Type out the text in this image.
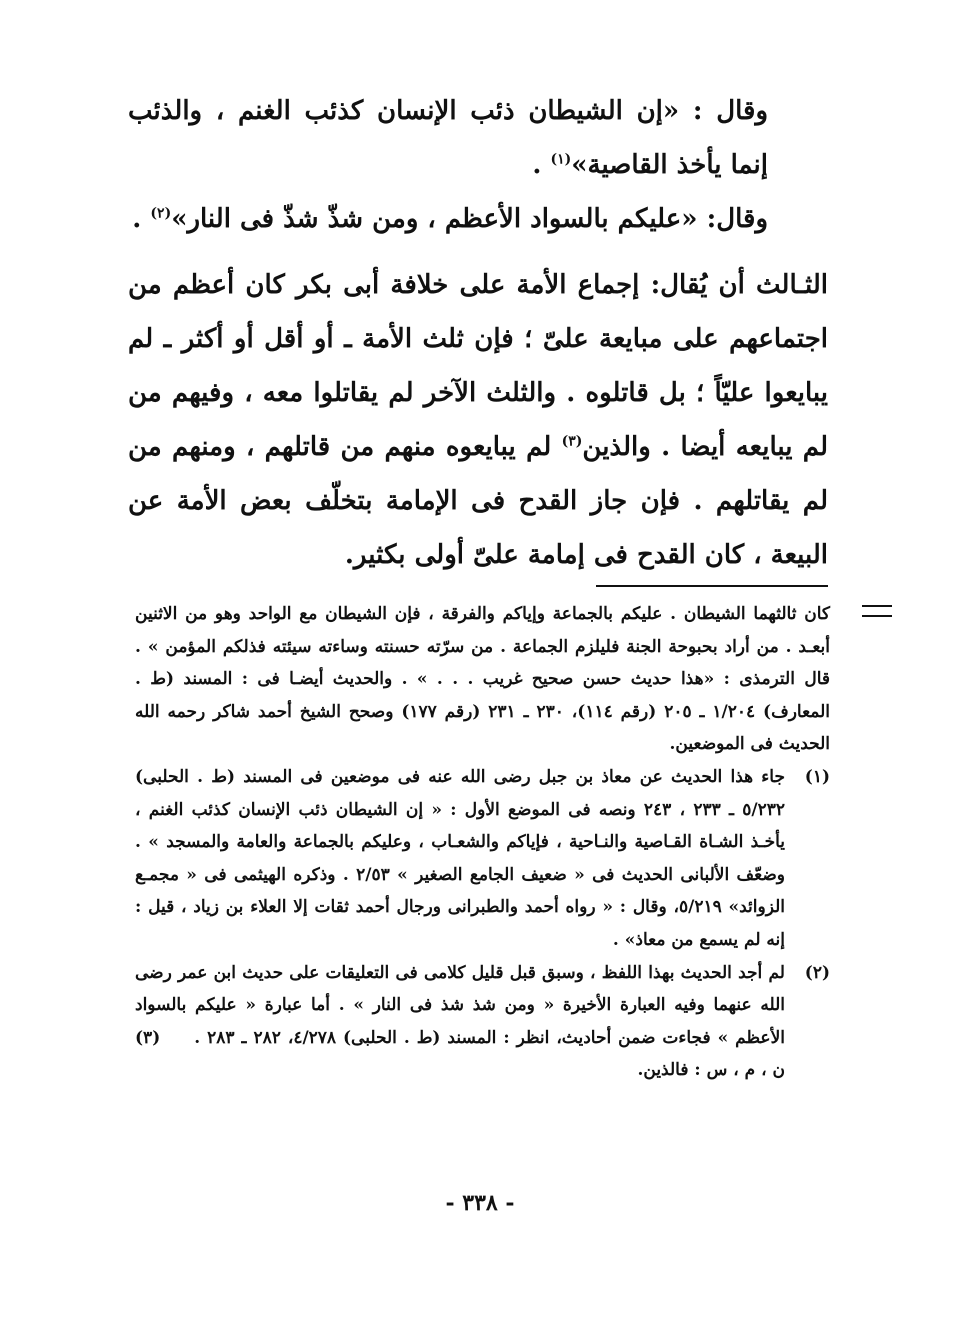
وقال : «إن الشيطان ذئب الإنسان كذئب الغنم ، والذئب إنما يأخذ القاصية»$^{(١)}$ .

وقال: «عليكم بالسواد الأعظم ، ومن شذّ شذّ فى النار»$^{(٢)}$ .

الثـالث أن يُقال: إجماع الأمة على خلافة أبى بكر كان أعظم من اجتماعهم على مبايعة علىّ ؛ فإن ثلث الأمة ـ أو أقل أو أكثر ـ لم يبايعوا عليّاً ؛ بل قاتلوه . والثلث الآخر لم يقاتلوا معه ، وفيهم من لم يبايعه أيضا . والذين$^{(٣)}$ لم يبايعوه منهم من قاتلهم ، ومنهم من لم يقاتلهم . فإن جاز القدح فى الإمامة بتخلّف بعض الأمة عن البيعة ، كان القدح فى إمامة علىّ أولى بكثير.

كان ثالثهما الشيطان . عليكم بالجماعة وإياكم والفرقة ، فإن الشيطان مع الواحد وهو من الاثنين أبعـد . من أراد بحبوحة الجنة فليلزم الجماعة . من سرّته حسنته وساءته سيئته فذلكم المؤمن » . قال الترمذى : «هذا حديث حسن صحيح غريب . . . » . والحديث أيضـا فى : المسند (ط . المعارف) ١/٢٠٤ ـ ٢٠٥ (رقم ١١٤)، ٢٣٠ ـ ٢٣١ (رقم ١٧٧) وصحح الشيخ أحمد شاكر رحمه الله الحديث فى الموضعين.

(١)
جاء هذا الحديث عن معاذ بن جبل رضى الله عنه فى موضعين فى المسند (ط . الحلبى) ٥/٢٣٢ ـ ٢٣٣ ، ٢٤٣ ونصه فى الموضع الأول : « إن الشيطان ذئب الإنسان كذئب الغنم ، يأخـذ الشـاة القـاصية والنـاحية ، فإياكم والشعـاب ، وعليكم بالجماعة والعامة والمسجد » . وضعّف الألبانى الحديث فى « ضعيف الجامع الصغير » ٢/٥٣ . وذكره الهيثمى فى « مجمـع الزوائد» ٥/٢١٩، وقال : « رواه أحمد والطبرانى ورجال أحمد ثقات إلا العلاء بن زياد ، قيل : إنه لم يسمع من معاذ» .

(٢)
لم أجد الحديث بهذا اللفظ ، وسبق قبل قليل كلامى فى التعليقات على حديث ابن عمر رضى الله عنهما وفيه العبارة الأخيرة « ومن شذ شذ فى النار » . أما عبارة « عليكم بالسواد الأعظم » فجاءت ضمن أحاديث، انظر : المسند (ط . الحلبى) ٤/٢٧٨، ٢٨٢ ـ ٢٨٣ .  (٣) ن ، م ، س : فالذين.

- ٣٣٨ -
